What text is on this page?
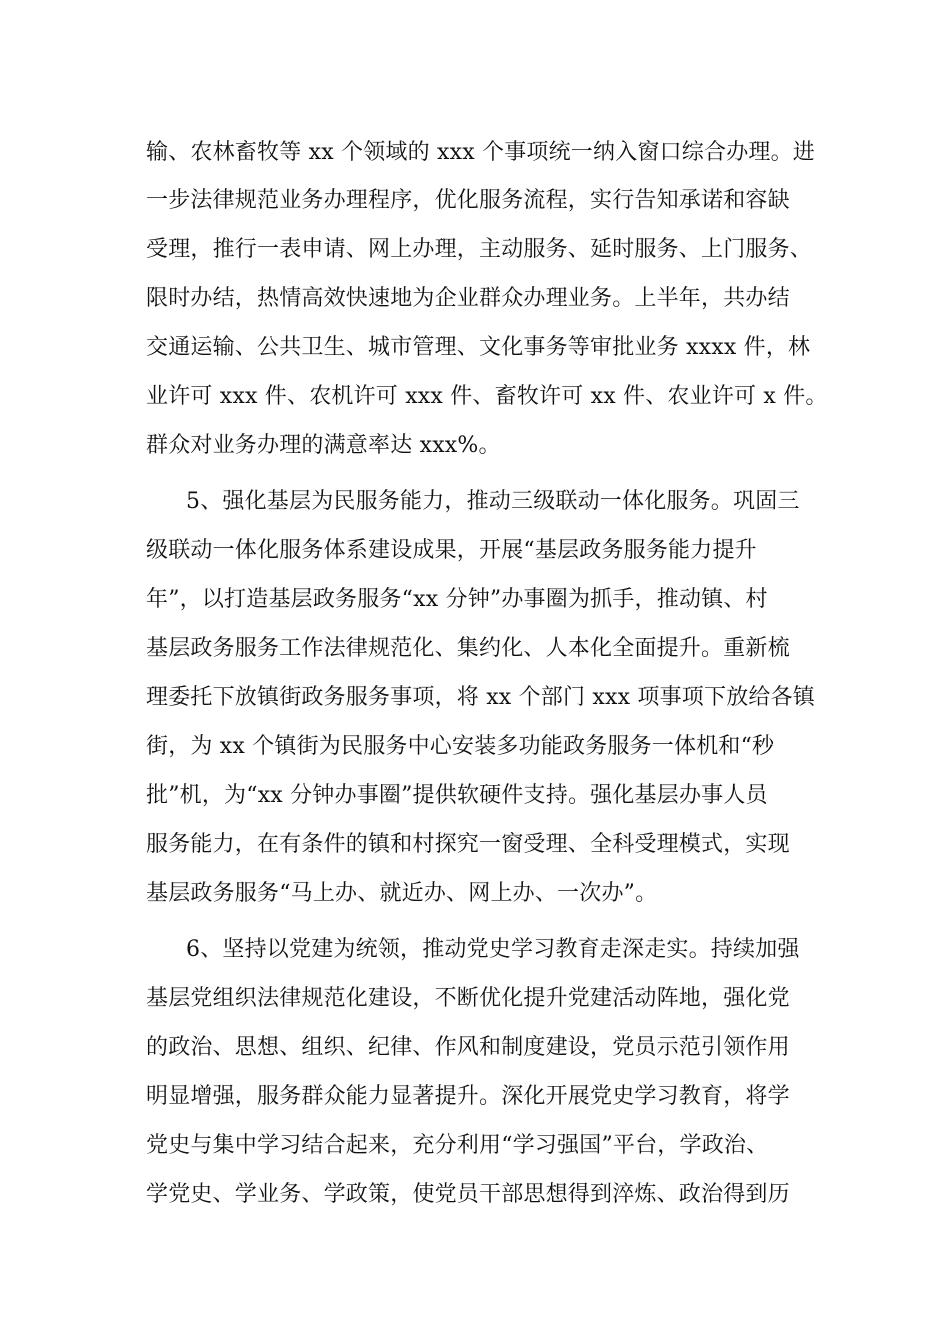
输、农林畜牧等 xx 个领域的 xxx 个事项统一纳入窗口综合办理。进
一步法律规范业务办理程序，优化服务流程，实行告知承诺和容缺
受理，推行一表申请、网上办理，主动服务、延时服务、上门服务、
限时办结，热情高效快速地为企业群众办理业务。上半年，共办结
交通运输、公共卫生、城市管理、文化事务等审批业务 xxxx 件，林
业许可 xxx 件、农机许可 xxx 件、畜牧许可 xx 件、农业许可 x 件。
群众对业务办理的满意率达 xxx%。
5、强化基层为民服务能力，推动三级联动一体化服务。巩固三
级联动一体化服务体系建设成果，开展“基层政务服务能力提升
年”，以打造基层政务服务“xx 分钟”办事圈为抓手，推动镇、村
基层政务服务工作法律规范化、集约化、人本化全面提升。重新梳
理委托下放镇街政务服务事项，将 xx 个部门 xxx 项事项下放给各镇
街，为 xx 个镇街为民服务中心安装多功能政务服务一体机和“秒
批”机，为“xx 分钟办事圈”提供软硬件支持。强化基层办事人员
服务能力，在有条件的镇和村探究一窗受理、全科受理模式，实现
基层政务服务“马上办、就近办、网上办、一次办”。
6、坚持以党建为统领，推动党史学习教育走深走实。持续加强
基层党组织法律规范化建设，不断优化提升党建活动阵地，强化党
的政治、思想、组织、纪律、作风和制度建设，党员示范引领作用
明显增强，服务群众能力显著提升。深化开展党史学习教育，将学
党史与集中学习结合起来，充分利用“学习强国”平台，学政治、
学党史、学业务、学政策，使党员干部思想得到淬炼、政治得到历
